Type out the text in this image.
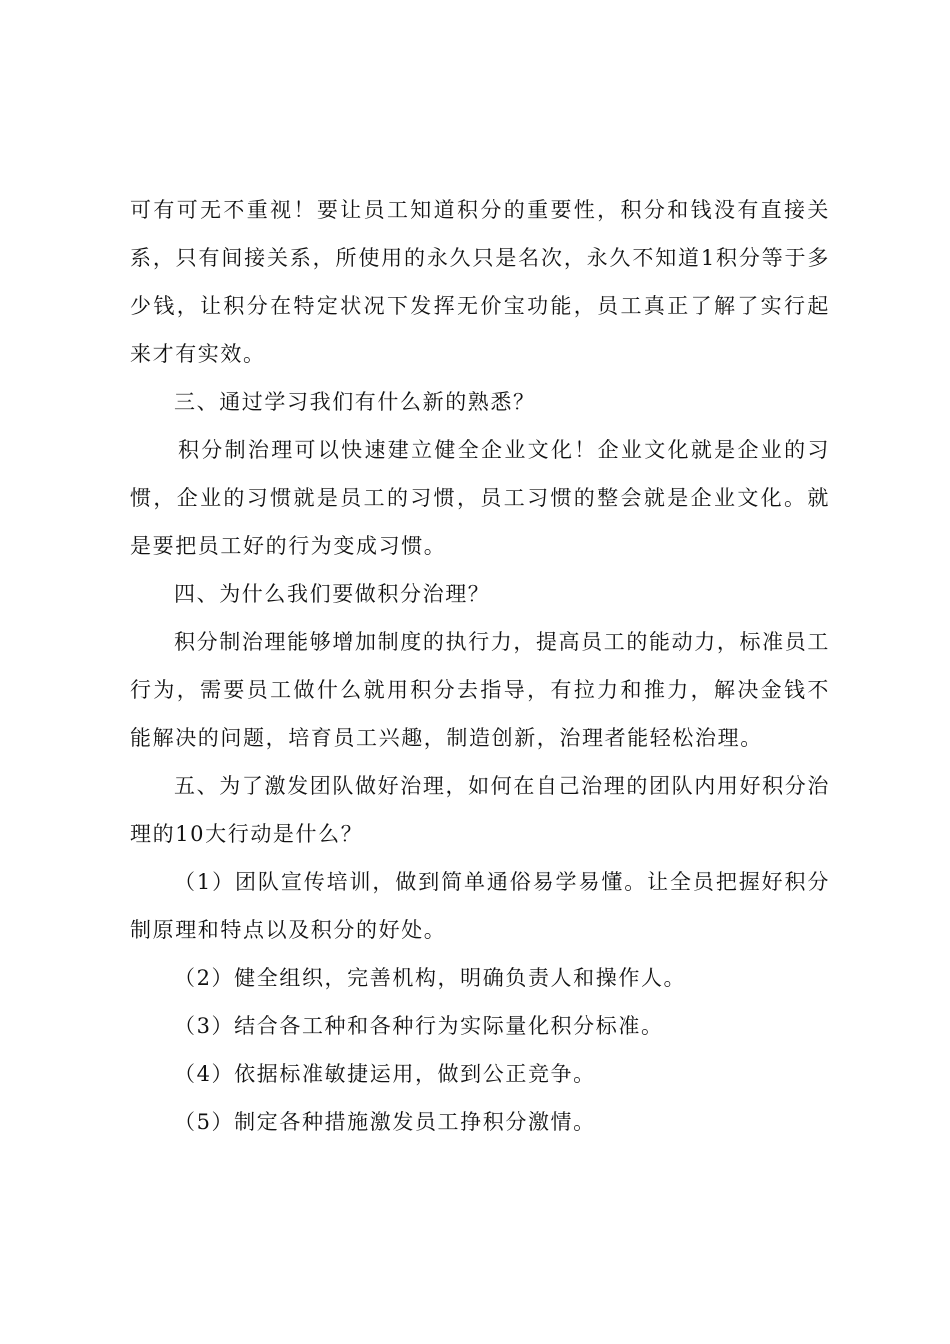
可有可无不重视！要让员工知道积分的重要性，积分和钱没有直接关系，只有间接关系，所使用的永久只是名次，永久不知道1积分等于多少钱，让积分在特定状况下发挥无价宝功能，员工真正了解了实行起来才有实效。

三、通过学习我们有什么新的熟悉？

积分制治理可以快速建立健全企业文化！企业文化就是企业的习惯，企业的习惯就是员工的习惯，员工习惯的整会就是企业文化。就是要把员工好的行为变成习惯。

四、为什么我们要做积分治理？

积分制治理能够增加制度的执行力，提高员工的能动力，标准员工行为，需要员工做什么就用积分去指导，有拉力和推力，解决金钱不能解决的问题，培育员工兴趣，制造创新，治理者能轻松治理。

五、为了激发团队做好治理，如何在自己治理的团队内用好积分治理的10大行动是什么？

（1）团队宣传培训，做到简单通俗易学易懂。让全员把握好积分制原理和特点以及积分的好处。

（2）健全组织，完善机构，明确负责人和操作人。

（3）结合各工种和各种行为实际量化积分标准。

（4）依据标准敏捷运用，做到公正竞争。

（5）制定各种措施激发员工挣积分激情。
